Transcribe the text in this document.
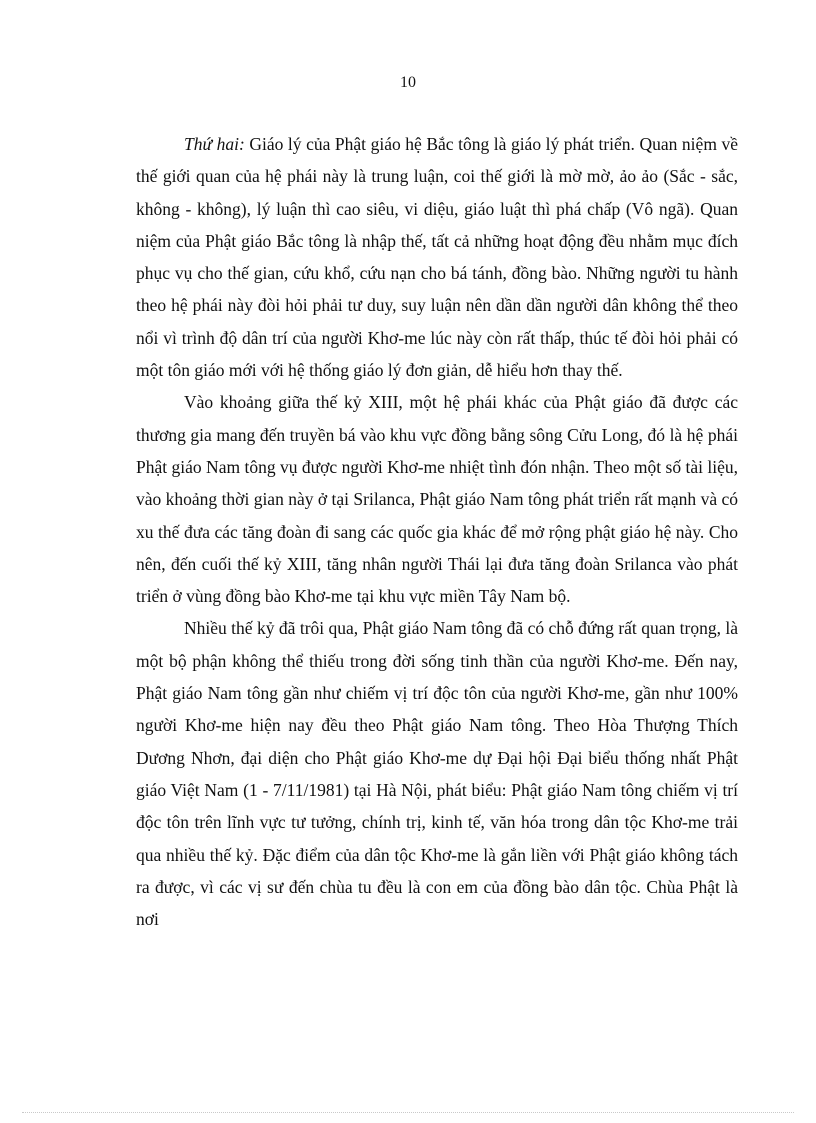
10

Thứ hai: Giáo lý của Phật giáo hệ Bắc tông là giáo lý phát triển. Quan niệm về thế giới quan của hệ phái này là trung luận, coi thế giới là mờ mờ, ảo ảo (Sắc - sắc, không - không), lý luận thì cao siêu, vi diệu, giáo luật thì phá chấp (Vô ngã). Quan niệm của Phật giáo Bắc tông là nhập thế, tất cả những hoạt động đều nhằm mục đích phục vụ cho thế gian, cứu khổ, cứu nạn cho bá tánh, đồng bào. Những người tu hành theo hệ phái này đòi hỏi phải tư duy, suy luận nên dần dần người dân không thể theo nổi vì trình độ dân trí của người Khơ-me lúc này còn rất thấp, thúc tế đòi hỏi phải có một tôn giáo mới với hệ thống giáo lý đơn giản, dễ hiểu hơn thay thế.

Vào khoảng giữa thế kỷ XIII, một hệ phái khác của Phật giáo đã được các thương gia mang đến truyền bá vào khu vực đồng bằng sông Cửu Long, đó là hệ phái Phật giáo Nam tông vụ được người Khơ-me nhiệt tình đón nhận. Theo một số tài liệu, vào khoảng thời gian này ở tại Srilanca, Phật giáo Nam tông phát triển rất mạnh và có xu thế đưa các tăng đoàn đi sang các quốc gia khác để mở rộng phật giáo hệ này. Cho nên, đến cuối thế kỷ XIII, tăng nhân người Thái lại đưa tăng đoàn Srilanca vào phát triển ở vùng đồng bào Khơ-me tại khu vực miền Tây Nam bộ.

Nhiều thế kỷ đã trôi qua, Phật giáo Nam tông đã có chỗ đứng rất quan trọng, là một bộ phận không thể thiếu trong đời sống tinh thần của người Khơ-me. Đến nay, Phật giáo Nam tông gần như chiếm vị trí độc tôn của người Khơ-me, gần như 100% người Khơ-me hiện nay đều theo Phật giáo Nam tông. Theo Hòa Thượng Thích Dương Nhơn, đại diện cho Phật giáo Khơ-me dự Đại hội Đại biểu thống nhất Phật giáo Việt Nam (1 - 7/11/1981) tại Hà Nội, phát biểu: Phật giáo Nam tông chiếm vị trí độc tôn trên lĩnh vực tư tưởng, chính trị, kinh tế, văn hóa trong dân tộc Khơ-me trải qua nhiều thế kỷ. Đặc điểm của dân tộc Khơ-me là gắn liền với Phật giáo không tách ra được, vì các vị sư đến chùa tu đều là con em của đồng bào dân tộc. Chùa Phật là nơi
